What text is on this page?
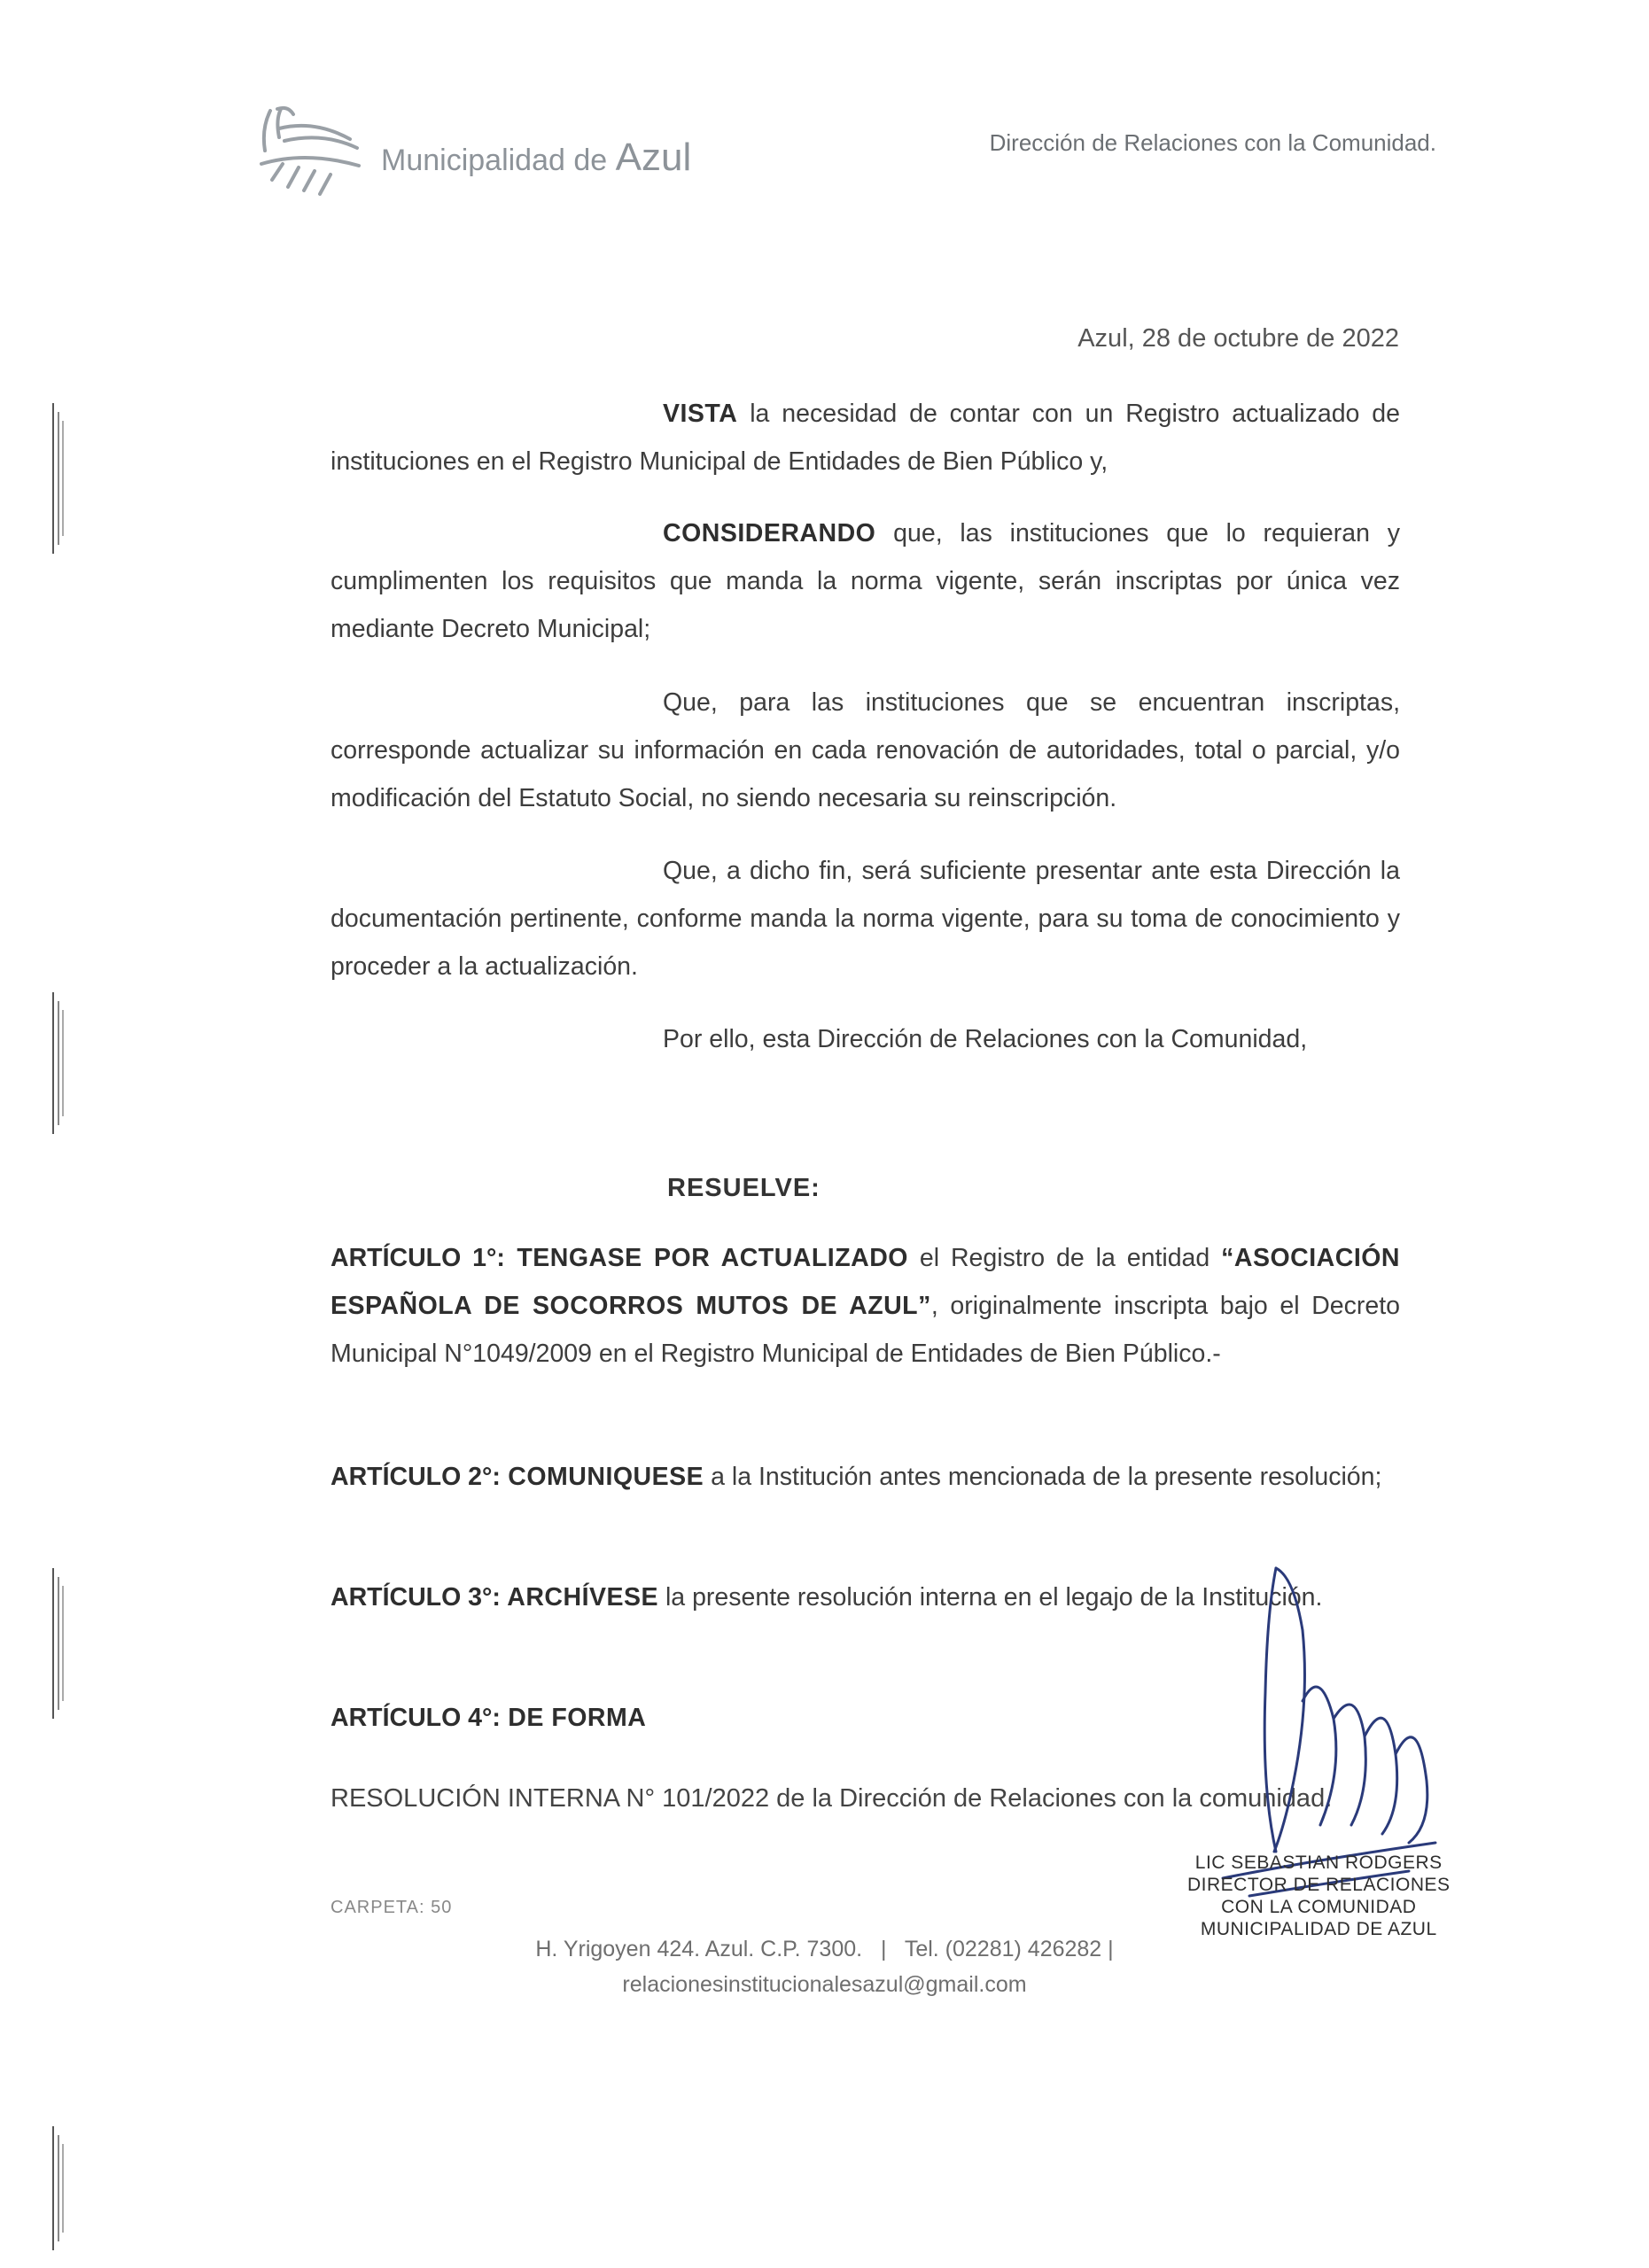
Municipalidad de Azul	Dirección de Relaciones con la Comunidad.
Azul, 28 de octubre de 2022
VISTA la necesidad de contar con un Registro actualizado de instituciones en el Registro Municipal de Entidades de Bien Público y,
CONSIDERANDO que, las instituciones que lo requieran y cumplimenten los requisitos que manda la norma vigente, serán inscriptas por única vez mediante Decreto Municipal;
Que, para las instituciones que se encuentran inscriptas, corresponde actualizar su información en cada renovación de autoridades, total o parcial, y/o modificación del Estatuto Social, no siendo necesaria su reinscripción.
Que, a dicho fin, será suficiente presentar ante esta Dirección la documentación pertinente, conforme manda la norma vigente, para su toma de conocimiento y proceder a la actualización.
Por ello, esta Dirección de Relaciones con la Comunidad,
RESUELVE:
ARTÍCULO 1°: TENGASE POR ACTUALIZADO el Registro de la entidad “ASOCIACIÓN ESPAÑOLA DE SOCORROS MUTOS DE AZUL”, originalmente inscripta bajo el Decreto Municipal N°1049/2009 en el Registro Municipal de Entidades de Bien Público.-
ARTÍCULO 2°: COMUNIQUESE a la Institución antes mencionada de la presente resolución;
ARTÍCULO 3°: ARCHÍVESE la presente resolución interna en el legajo de la Institución.
ARTÍCULO 4°: DE FORMA
RESOLUCIÓN INTERNA N° 101/2022 de la Dirección de Relaciones con la comunidad.
CARPETA: 50
LIC SEBASTIAN RODGERS
DIRECTOR DE RELACIONES
CON LA COMUNIDAD
MUNICIPALIDAD DE AZUL
H. Yrigoyen 424. Azul. C.P. 7300. | Tel. (02281) 426282 |
relacionesinstitucionalesazul@gmail.com
